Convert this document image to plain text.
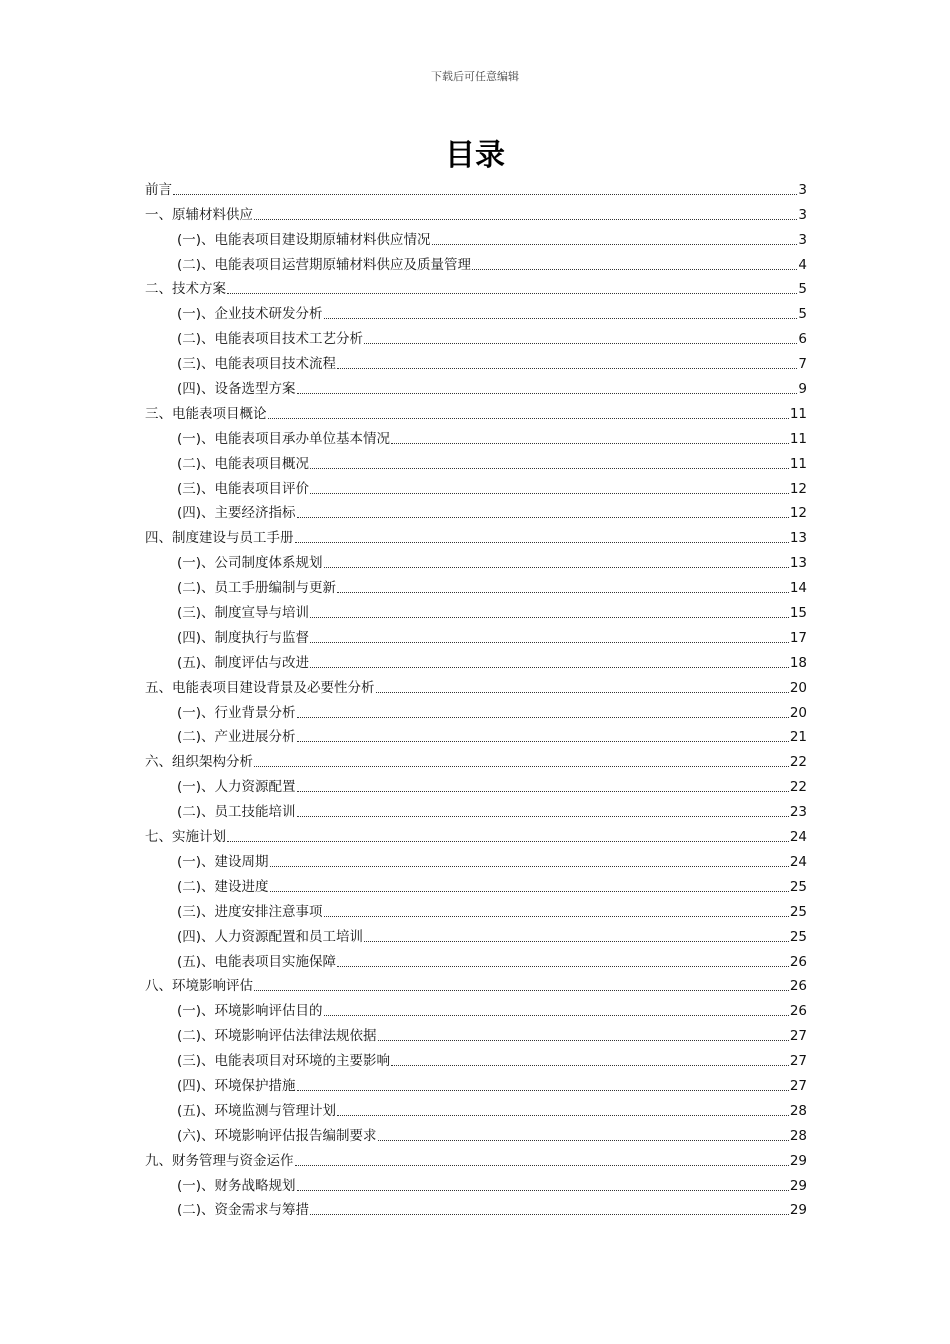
下载后可任意编辑
目录
前言	3
一、原辅材料供应	3
(一)、电能表项目建设期原辅材料供应情况	3
(二)、电能表项目运营期原辅材料供应及质量管理	4
二、技术方案	5
(一)、企业技术研发分析	5
(二)、电能表项目技术工艺分析	6
(三)、电能表项目技术流程	7
(四)、设备选型方案	9
三、电能表项目概论	11
(一)、电能表项目承办单位基本情况	11
(二)、电能表项目概况	11
(三)、电能表项目评价	12
(四)、主要经济指标	12
四、制度建设与员工手册	13
(一)、公司制度体系规划	13
(二)、员工手册编制与更新	14
(三)、制度宣导与培训	15
(四)、制度执行与监督	17
(五)、制度评估与改进	18
五、电能表项目建设背景及必要性分析	20
(一)、行业背景分析	20
(二)、产业进展分析	21
六、组织架构分析	22
(一)、人力资源配置	22
(二)、员工技能培训	23
七、实施计划	24
(一)、建设周期	24
(二)、建设进度	25
(三)、进度安排注意事项	25
(四)、人力资源配置和员工培训	25
(五)、电能表项目实施保障	26
八、环境影响评估	26
(一)、环境影响评估目的	26
(二)、环境影响评估法律法规依据	27
(三)、电能表项目对环境的主要影响	27
(四)、环境保护措施	27
(五)、环境监测与管理计划	28
(六)、环境影响评估报告编制要求	28
九、财务管理与资金运作	29
(一)、财务战略规划	29
(二)、资金需求与筹措	29
